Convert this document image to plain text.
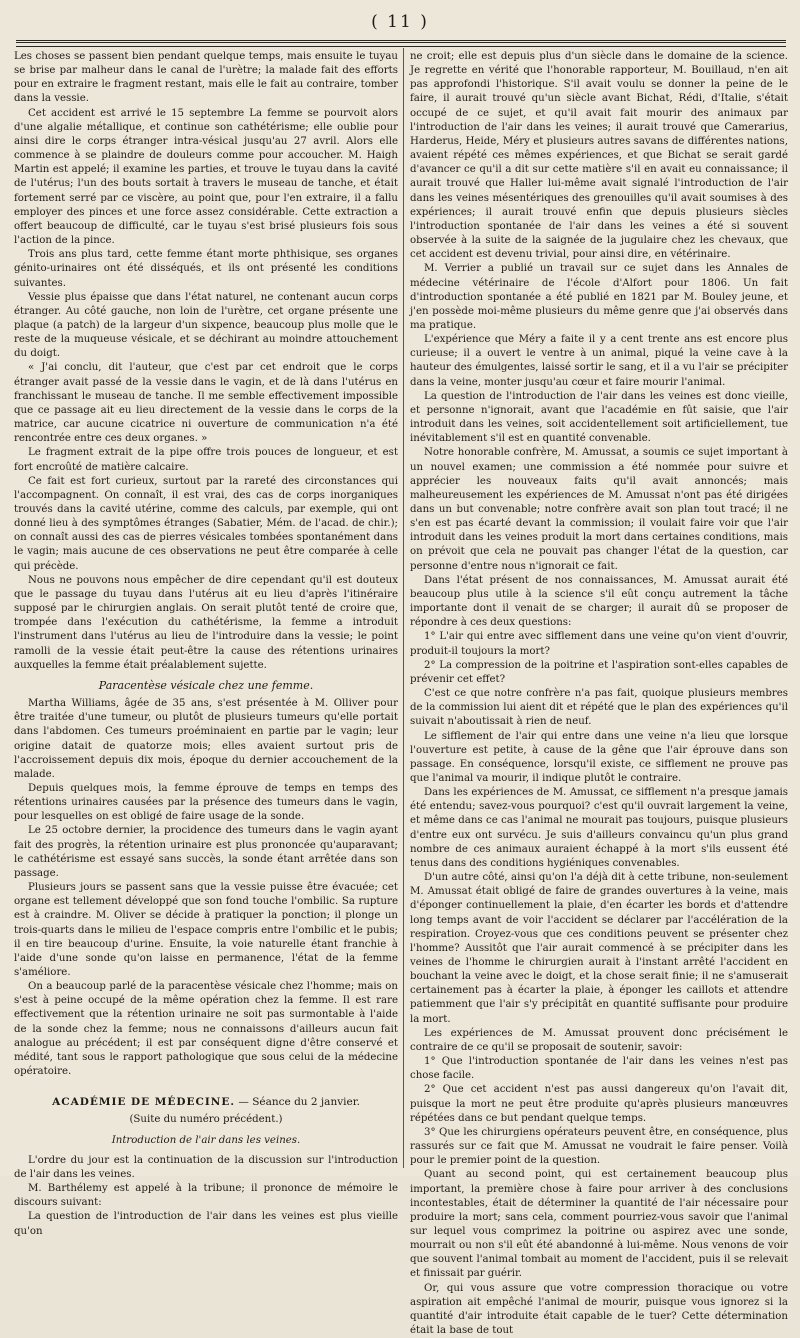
( 11 )

Les choses se passent bien pendant quelque temps, mais ensuite le tuyau se brise par malheur dans le canal de l'urètre; la malade fait des efforts pour en extraire le fragment restant, mais elle le fait au contraire, tomber dans la vessie.

Cet accident est arrivé le 15 septembre La femme se pourvoit alors d'une algalie métallique, et continue son cathétérisme; elle oublie pour ainsi dire le corps étranger intra-vésical jusqu'au 27 avril. Alors elle commence à se plaindre de douleurs comme pour accoucher. M. Haigh Martin est appelé; il examine les parties, et trouve le tuyau dans la cavité de l'utérus; l'un des bouts sortait à travers le museau de tanche, et était fortement serré par ce viscère, au point que, pour l'en extraire, il a fallu employer des pinces et une force assez considérable. Cette extraction a offert beaucoup de difficulté, car le tuyau s'est brisé plusieurs fois sous l'action de la pince.

Trois ans plus tard, cette femme étant morte phthisique, ses organes génito-urinaires ont été disséqués, et ils ont présenté les conditions suivantes.

Vessie plus épaisse que dans l'état naturel, ne contenant aucun corps étranger. Au côté gauche, non loin de l'urètre, cet organe présente une plaque (a patch) de la largeur d'un sixpence, beaucoup plus molle que le reste de la muqueuse vésicale, et se déchirant au moindre attouchement du doigt.

« J'ai conclu, dit l'auteur, que c'est par cet endroit que le corps étranger avait passé de la vessie dans le vagin, et de là dans l'utérus en franchissant le museau de tanche. Il me semble effectivement impossible que ce passage ait eu lieu directement de la vessie dans le corps de la matrice, car aucune cicatrice ni ouverture de communication n'a été rencontrée entre ces deux organes. »

Le fragment extrait de la pipe offre trois pouces de longueur, et est fort encroûté de matière calcaire.

Ce fait est fort curieux, surtout par la rareté des circonstances qui l'accompagnent. On connaît, il est vrai, des cas de corps inorganiques trouvés dans la cavité utérine, comme des calculs, par exemple, qui ont donné lieu à des symptômes étranges (Sabatier, Mém. de l'acad. de chir.); on connaît aussi des cas de pierres vésicales tombées spontanément dans le vagin; mais aucune de ces observations ne peut être comparée à celle qui précède.

Nous ne pouvons nous empêcher de dire cependant qu'il est douteux que le passage du tuyau dans l'utérus ait eu lieu d'après l'itinéraire supposé par le chirurgien anglais. On serait plutôt tenté de croire que, trompée dans l'exécution du cathétérisme, la femme a introduit l'instrument dans l'utérus au lieu de l'introduire dans la vessie; le point ramolli de la vessie était peut-être la cause des rétentions urinaires auxquelles la femme était préalablement sujette.

Paracentèse vésicale chez une femme.

Martha Williams, âgée de 35 ans, s'est présentée à M. Olliver pour être traitée d'une tumeur, ou plutôt de plusieurs tumeurs qu'elle portait dans l'abdomen. Ces tumeurs proéminaient en partie par le vagin; leur origine datait de quatorze mois; elles avaient surtout pris de l'accroissement depuis dix mois, époque du dernier accouchement de la malade.

Depuis quelques mois, la femme éprouve de temps en temps des rétentions urinaires causées par la présence des tumeurs dans le vagin, pour lesquelles on est obligé de faire usage de la sonde.

Le 25 octobre dernier, la procidence des tumeurs dans le vagin ayant fait des progrès, la rétention urinaire est plus prononcée qu'auparavant; le cathétérisme est essayé sans succès, la sonde étant arrêtée dans son passage.

Plusieurs jours se passent sans que la vessie puisse être évacuée; cet organe est tellement développé que son fond touche l'ombilic. Sa rupture est à craindre. M. Oliver se décide à pratiquer la ponction; il plonge un trois-quarts dans le milieu de l'espace compris entre l'ombilic et le pubis; il en tire beaucoup d'urine. Ensuite, la voie naturelle étant franchie à l'aide d'une sonde qu'on laisse en permanence, l'état de la femme s'améliore.

On a beaucoup parlé de la paracentèse vésicale chez l'homme; mais on s'est à peine occupé de la même opération chez la femme. Il est rare effectivement que la rétention urinaire ne soit pas surmontable à l'aide de la sonde chez la femme; nous ne connaissons d'ailleurs aucun fait analogue au précédent; il est par conséquent digne d'être conservé et médité, tant sous le rapport pathologique que sous celui de la médecine opératoire.

ACADÉMIE DE MÉDECINE. — Séance du 2 janvier.
(Suite du numéro précédent.)
Introduction de l'air dans les veines.

L'ordre du jour est la continuation de la discussion sur l'introduction de l'air dans les veines.

M. Barthélemy est appelé à la tribune; il prononce de mémoire le discours suivant:

La question de l'introduction de l'air dans les veines est plus vieille qu'on

ne croit; elle est depuis plus d'un siècle dans le domaine de la science. Je regrette en vérité que l'honorable rapporteur, M. Bouillaud, n'en ait pas approfondi l'historique. S'il avait voulu se donner la peine de le faire, il aurait trouvé qu'un siècle avant Bichat, Rédi, d'Italie, s'était occupé de ce sujet, et qu'il avait fait mourir des animaux par l'introduction de l'air dans les veines; il aurait trouvé que Camerarius, Harderus, Heide, Méry et plusieurs autres savans de différentes nations, avaient répété ces mêmes expériences, et que Bichat se serait gardé d'avancer ce qu'il a dit sur cette matière s'il en avait eu connaissance; il aurait trouvé que Haller lui-même avait signalé l'introduction de l'air dans les veines mésentériques des grenouilles qu'il avait soumises à des expériences; il aurait trouvé enfin que depuis plusieurs siècles l'introduction spontanée de l'air dans les veines a été si souvent observée à la suite de la saignée de la jugulaire chez les chevaux, que cet accident est devenu trivial, pour ainsi dire, en vétérinaire.

M. Verrier a publié un travail sur ce sujet dans les Annales de médecine vétérinaire de l'école d'Alfort pour 1806. Un fait d'introduction spontanée a été publié en 1821 par M. Bouley jeune, et j'en possède moi-même plusieurs du même genre que j'ai observés dans ma pratique.

L'expérience que Méry a faite il y a cent trente ans est encore plus curieuse; il a ouvert le ventre à un animal, piqué la veine cave à la hauteur des émulgentes, laissé sortir le sang, et il a vu l'air se précipiter dans la veine, monter jusqu'au cœur et faire mourir l'animal.

La question de l'introduction de l'air dans les veines est donc vieille, et personne n'ignorait, avant que l'académie en fût saisie, que l'air introduit dans les veines, soit accidentellement soit artificiellement, tue inévitablement s'il est en quantité convenable.

Notre honorable confrère, M. Amussat, a soumis ce sujet important à un nouvel examen; une commission a été nommée pour suivre et apprécier les nouveaux faits qu'il avait annoncés; mais malheureusement les expériences de M. Amussat n'ont pas été dirigées dans un but convenable; notre confrère avait son plan tout tracé; il ne s'en est pas écarté devant la commission; il voulait faire voir que l'air introduit dans les veines produit la mort dans certaines conditions, mais on prévoit que cela ne pouvait pas changer l'état de la question, car personne d'entre nous n'ignorait ce fait.

Dans l'état présent de nos connaissances, M. Amussat aurait été beaucoup plus utile à la science s'il eût conçu autrement la tâche importante dont il venait de se charger; il aurait dû se proposer de répondre à ces deux questions:

1° L'air qui entre avec sifflement dans une veine qu'on vient d'ouvrir, produit-il toujours la mort?

2° La compression de la poitrine et l'aspiration sont-elles capables de prévenir cet effet?

C'est ce que notre confrère n'a pas fait, quoique plusieurs membres de la commission lui aient dit et répété que le plan des expériences qu'il suivait n'aboutissait à rien de neuf.

Le sifflement de l'air qui entre dans une veine n'a lieu que lorsque l'ouverture est petite, à cause de la gêne que l'air éprouve dans son passage. En conséquence, lorsqu'il existe, ce sifflement ne prouve pas que l'animal va mourir, il indique plutôt le contraire.

Dans les expériences de M. Amussat, ce sifflement n'a presque jamais été entendu; savez-vous pourquoi? c'est qu'il ouvrait largement la veine, et même dans ce cas l'animal ne mourait pas toujours, puisque plusieurs d'entre eux ont survécu. Je suis d'ailleurs convaincu qu'un plus grand nombre de ces animaux auraient échappé à la mort s'ils eussent été tenus dans des conditions hygiéniques convenables.

D'un autre côté, ainsi qu'on l'a déjà dit à cette tribune, non-seulement M. Amussat était obligé de faire de grandes ouvertures à la veine, mais d'éponger continuellement la plaie, d'en écarter les bords et d'attendre long temps avant de voir l'accident se déclarer par l'accélération de la respiration. Croyez-vous que ces conditions peuvent se présenter chez l'homme? Aussitôt que l'air aurait commencé à se précipiter dans les veines de l'homme le chirurgien aurait à l'instant arrêté l'accident en bouchant la veine avec le doigt, et la chose serait finie; il ne s'amuserait certainement pas à écarter la plaie, à éponger les caillots et attendre patiemment que l'air s'y précipitât en quantité suffisante pour produire la mort.

Les expériences de M. Amussat prouvent donc précisément le contraire de ce qu'il se proposait de soutenir, savoir:

1° Que l'introduction spontanée de l'air dans les veines n'est pas chose facile.

2° Que cet accident n'est pas aussi dangereux qu'on l'avait dit, puisque la mort ne peut être produite qu'après plusieurs manœuvres répétées dans ce but pendant quelque temps.

3° Que les chirurgiens opérateurs peuvent être, en conséquence, plus rassurés sur ce fait que M. Amussat ne voudrait le faire penser. Voilà pour le premier point de la question.

Quant au second point, qui est certainement beaucoup plus important, la première chose à faire pour arriver à des conclusions incontestables, était de déterminer la quantité de l'air nécessaire pour produire la mort; sans cela, comment pourriez-vous savoir que l'animal sur lequel vous comprimez la poitrine ou aspirez avec une sonde, mourrait ou non s'il eût été abandonné à lui-même. Nous venons de voir que souvent l'animal tombait au moment de l'accident, puis il se relevait et finissait par guérir.

Or, qui vous assure que votre compression thoracique ou votre aspiration ait empêché l'animal de mourir, puisque vous ignorez si la quantité d'air introduite était capable de le tuer? Cette détermination était la base de tout
